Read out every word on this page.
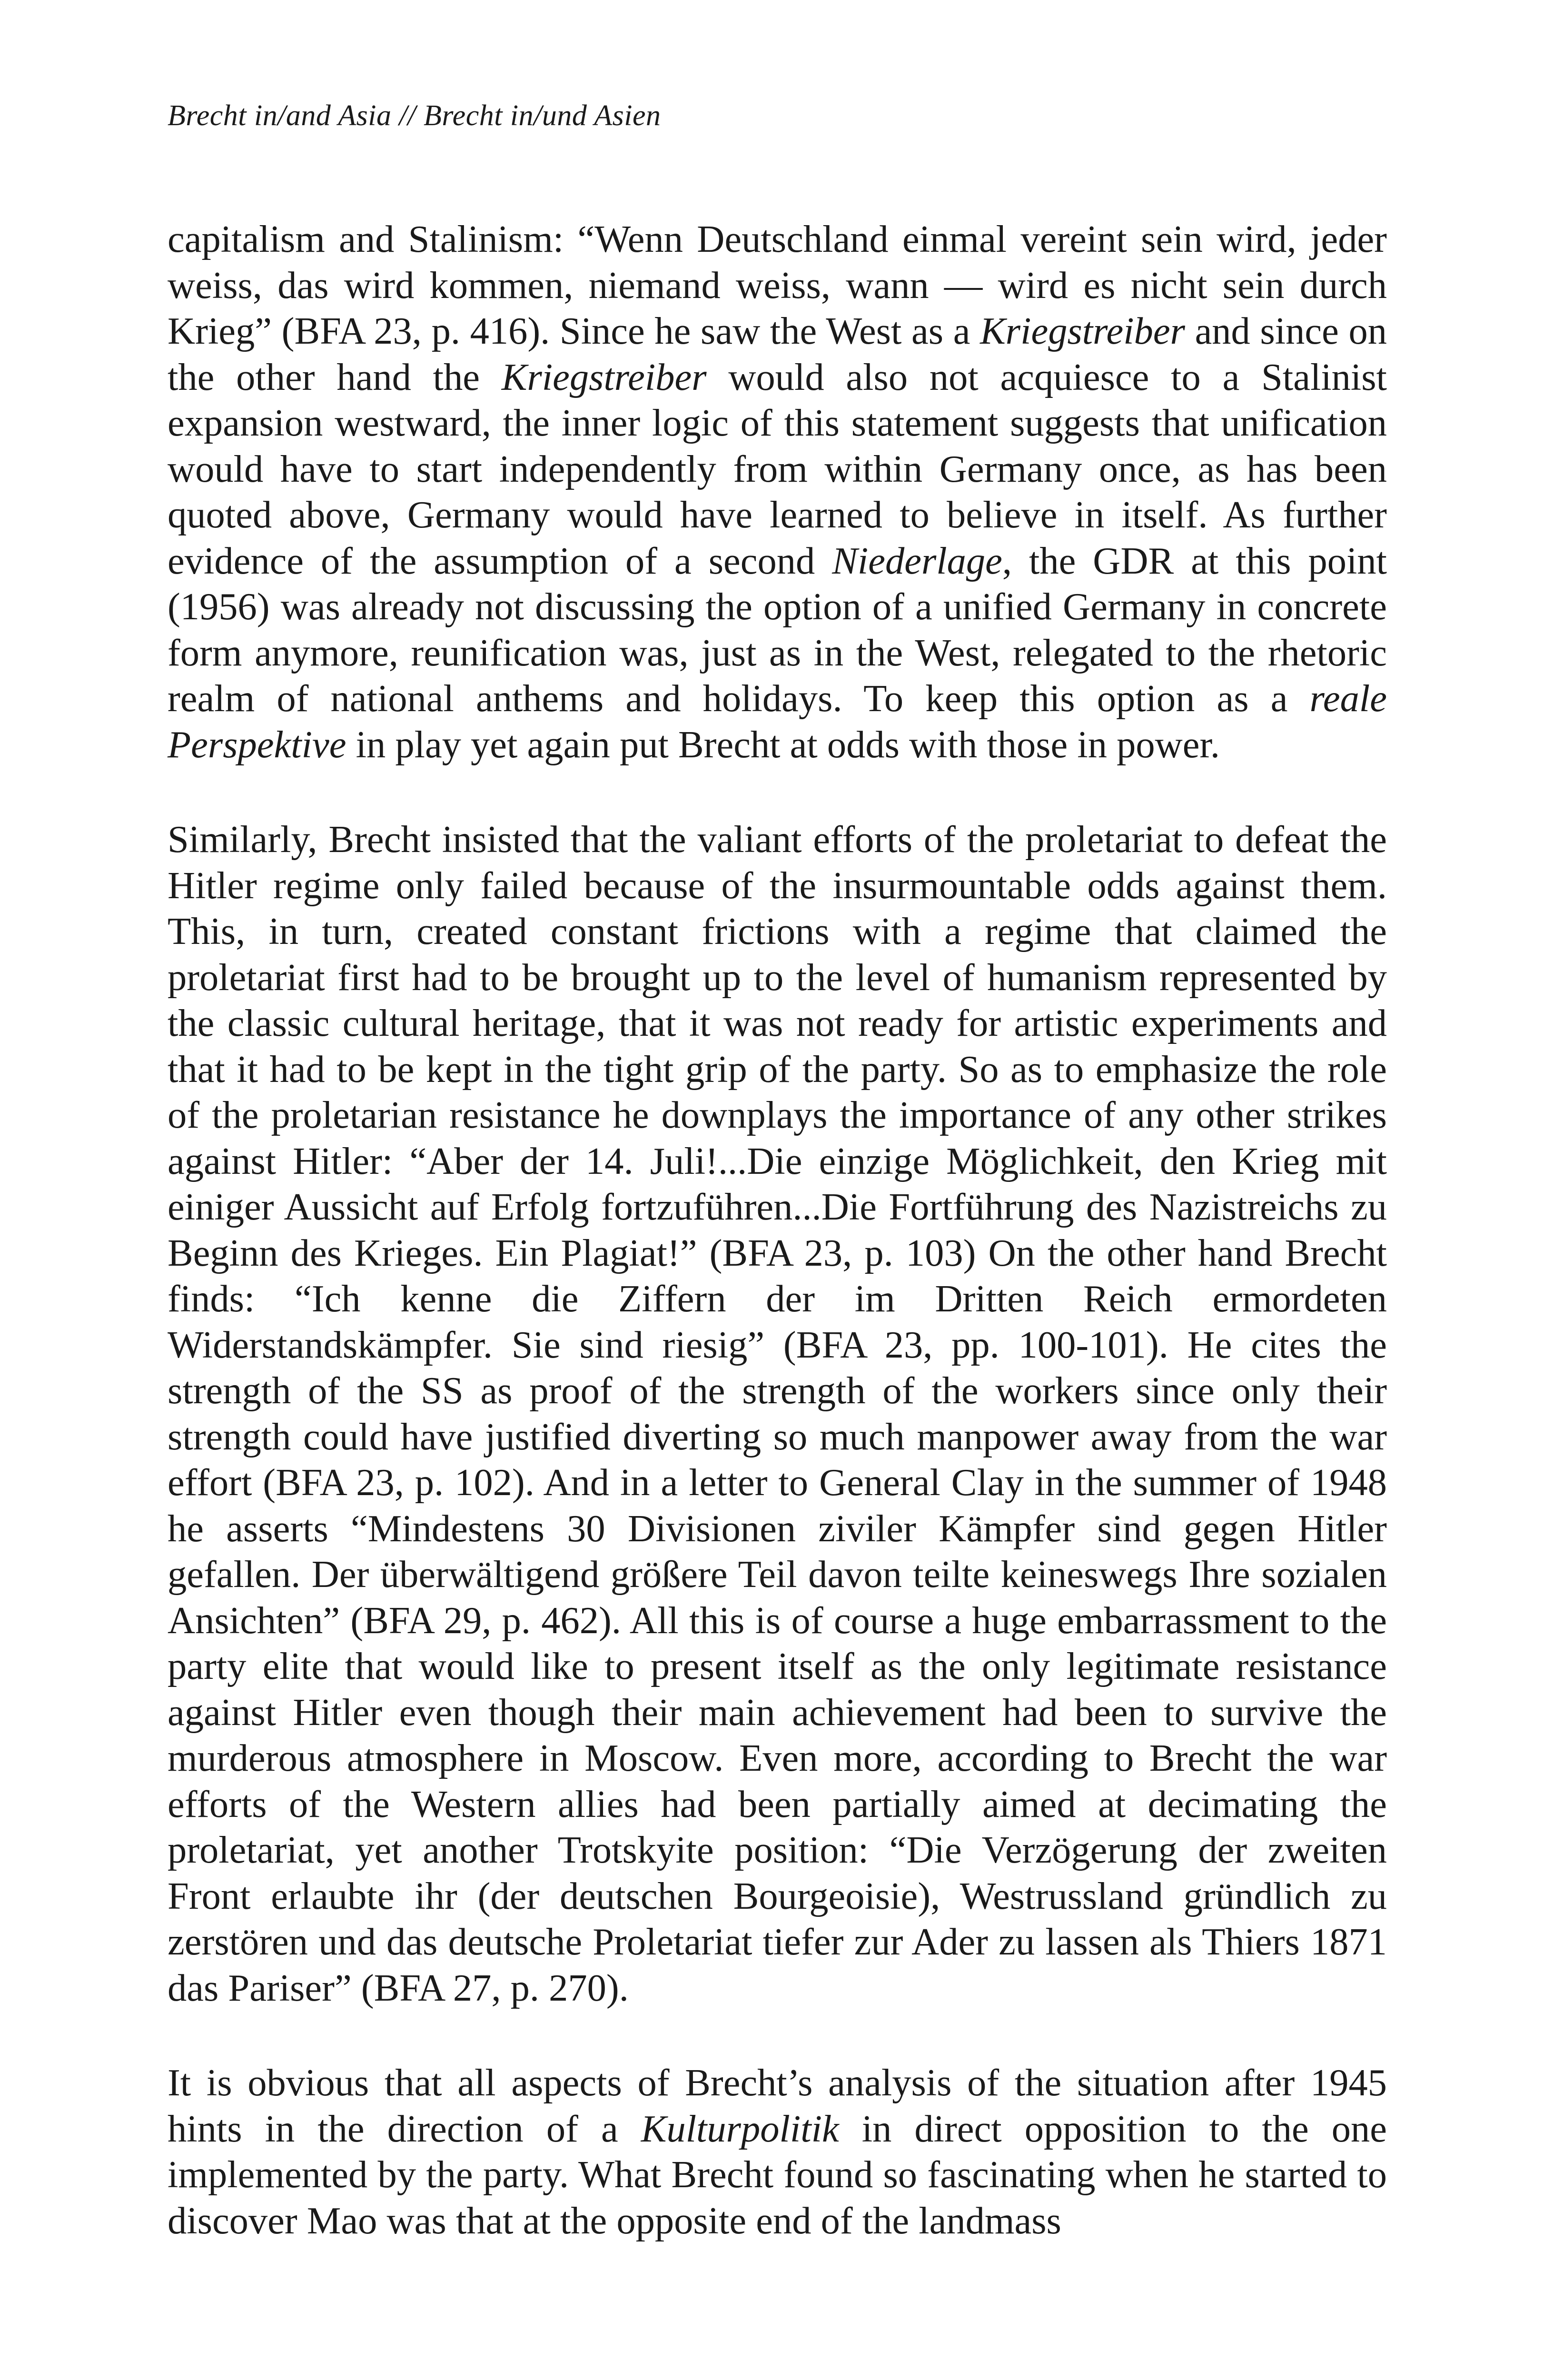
Brecht in/and Asia // Brecht in/und Asien

capitalism and Stalinism: “Wenn Deutschland einmal vereint sein wird, jeder weiss, das wird kommen, niemand weiss, wann — wird es nicht sein durch Krieg” (BFA 23, p. 416). Since he saw the West as a Kriegstreiber and since on the other hand the Kriegstreiber would also not acquiesce to a Stalinist expansion westward, the inner logic of this statement suggests that unification would have to start independently from within Germany once, as has been quoted above, Germany would have learned to believe in itself. As further evidence of the assumption of a second Niederlage, the GDR at this point (1956) was already not discussing the option of a unified Germany in concrete form anymore, reunification was, just as in the West, relegated to the rhetoric realm of national anthems and holidays. To keep this option as a reale Perspektive in play yet again put Brecht at odds with those in power.

Similarly, Brecht insisted that the valiant efforts of the proletariat to defeat the Hitler regime only failed because of the insurmountable odds against them. This, in turn, created constant frictions with a regime that claimed the proletariat first had to be brought up to the level of humanism represented by the classic cultural heritage, that it was not ready for artistic experiments and that it had to be kept in the tight grip of the party. So as to emphasize the role of the proletarian resistance he downplays the importance of any other strikes against Hitler: “Aber der 14. Juli!...Die einzige Möglichkeit, den Krieg mit einiger Aussicht auf Erfolg fortzuführen...Die Fortführung des Nazistreichs zu Beginn des Krieges. Ein Plagiat!” (BFA 23, p. 103) On the other hand Brecht finds: “Ich kenne die Ziffern der im Dritten Reich ermordeten Widerstandskämpfer. Sie sind riesig” (BFA 23, pp. 100-101). He cites the strength of the SS as proof of the strength of the workers since only their strength could have justified diverting so much manpower away from the war effort (BFA 23, p. 102). And in a letter to General Clay in the summer of 1948 he asserts “Mindestens 30 Divisionen ziviler Kämpfer sind gegen Hitler gefallen. Der überwältigend größere Teil davon teilte keineswegs Ihre sozialen Ansichten” (BFA 29, p. 462). All this is of course a huge embarrassment to the party elite that would like to present itself as the only legitimate resistance against Hitler even though their main achievement had been to survive the murderous atmosphere in Moscow. Even more, according to Brecht the war efforts of the Western allies had been partially aimed at decimating the proletariat, yet another Trotskyite position: “Die Verzögerung der zweiten Front erlaubte ihr (der deutschen Bourgeoisie), Westrussland gründlich zu zerstören und das deutsche Proletariat tiefer zur Ader zu lassen als Thiers 1871 das Pariser” (BFA 27, p. 270).

It is obvious that all aspects of Brecht’s analysis of the situation after 1945 hints in the direction of a Kulturpolitik in direct opposition to the one implemented by the party. What Brecht found so fascinating when he started to discover Mao was that at the opposite end of the landmass
